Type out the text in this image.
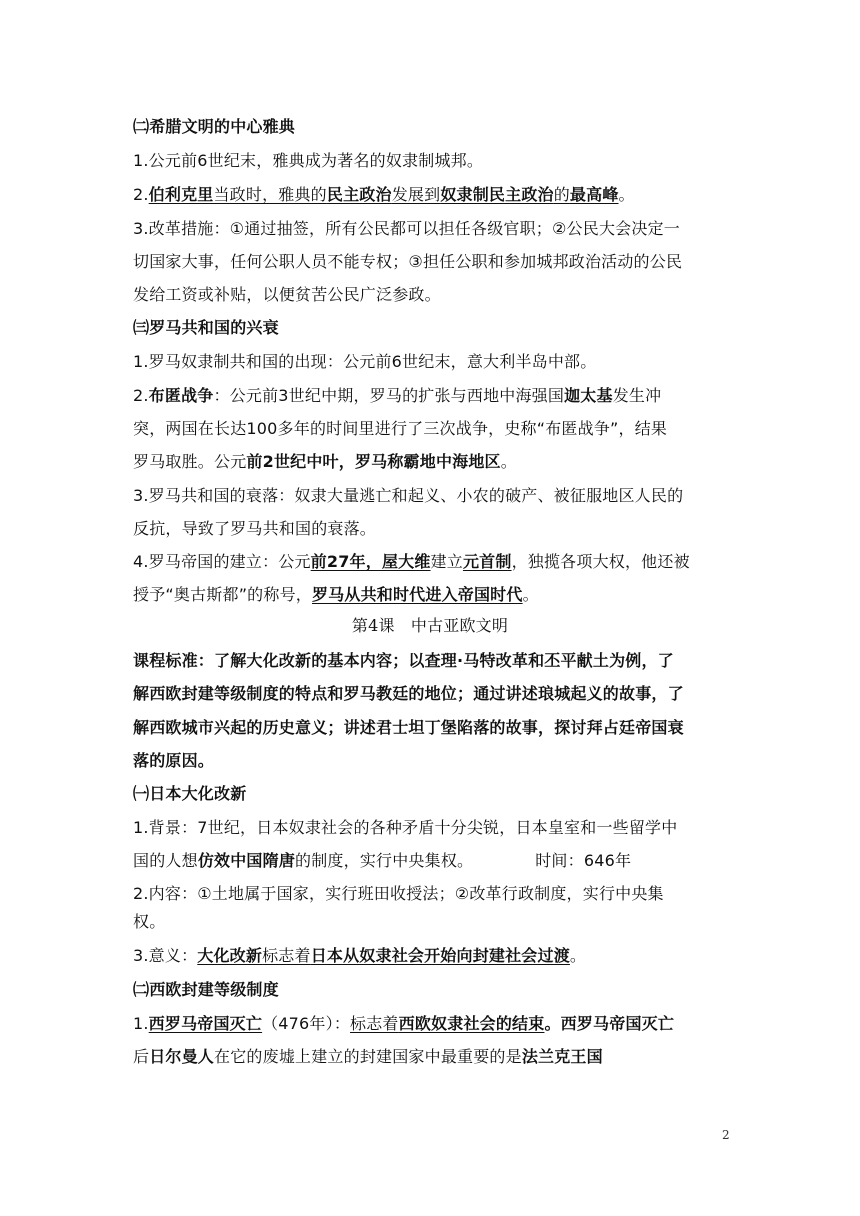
㈡希腊文明的中心雅典
1.公元前6世纪末，雅典成为著名的奴隶制城邦。
2.伯利克里当政时，雅典的民主政治发展到奴隶制民主政治的最高峰。
3.改革措施：①通过抽签，所有公民都可以担任各级官职；②公民大会决定一
切国家大事，任何公职人员不能专权；③担任公职和参加城邦政治活动的公民
发给工资或补贴，以便贫苦公民广泛参政。
㈢罗马共和国的兴衰
1.罗马奴隶制共和国的出现：公元前6世纪末，意大利半岛中部。
2.布匿战争：公元前3世纪中期，罗马的扩张与西地中海强国迦太基发生冲
突，两国在长达100多年的时间里进行了三次战争，史称“布匿战争”，结果
罗马取胜。公元前2世纪中叶，罗马称霸地中海地区。
3.罗马共和国的衰落：奴隶大量逃亡和起义、小农的破产、被征服地区人民的
反抗，导致了罗马共和国的衰落。
4.罗马帝国的建立：公元前27年，屋大维建立元首制，独揽各项大权，他还被
授予“奥古斯都”的称号，罗马从共和时代进入帝国时代。
第4课　中古亚欧文明
课程标准：了解大化改新的基本内容；以查理·马特改革和丕平献土为例，了
解西欧封建等级制度的特点和罗马教廷的地位；通过讲述琅城起义的故事，了
解西欧城市兴起的历史意义；讲述君士坦丁堡陷落的故事，探讨拜占廷帝国衰
落的原因。
㈠日本大化改新
1.背景：7世纪，日本奴隶社会的各种矛盾十分尖锐，日本皇室和一些留学中
国的人想仿效中国隋唐的制度，实行中央集权。	时间：646年
2.内容：①土地属于国家，实行班田收授法；②改革行政制度，实行中央集
权。
3.意义：大化改新标志着日本从奴隶社会开始向封建社会过渡。
㈡西欧封建等级制度
1.西罗马帝国灭亡（476年）：标志着西欧奴隶社会的结束。西罗马帝国灭亡
后日尔曼人在它的废墟上建立的封建国家中最重要的是法兰克王国
2
